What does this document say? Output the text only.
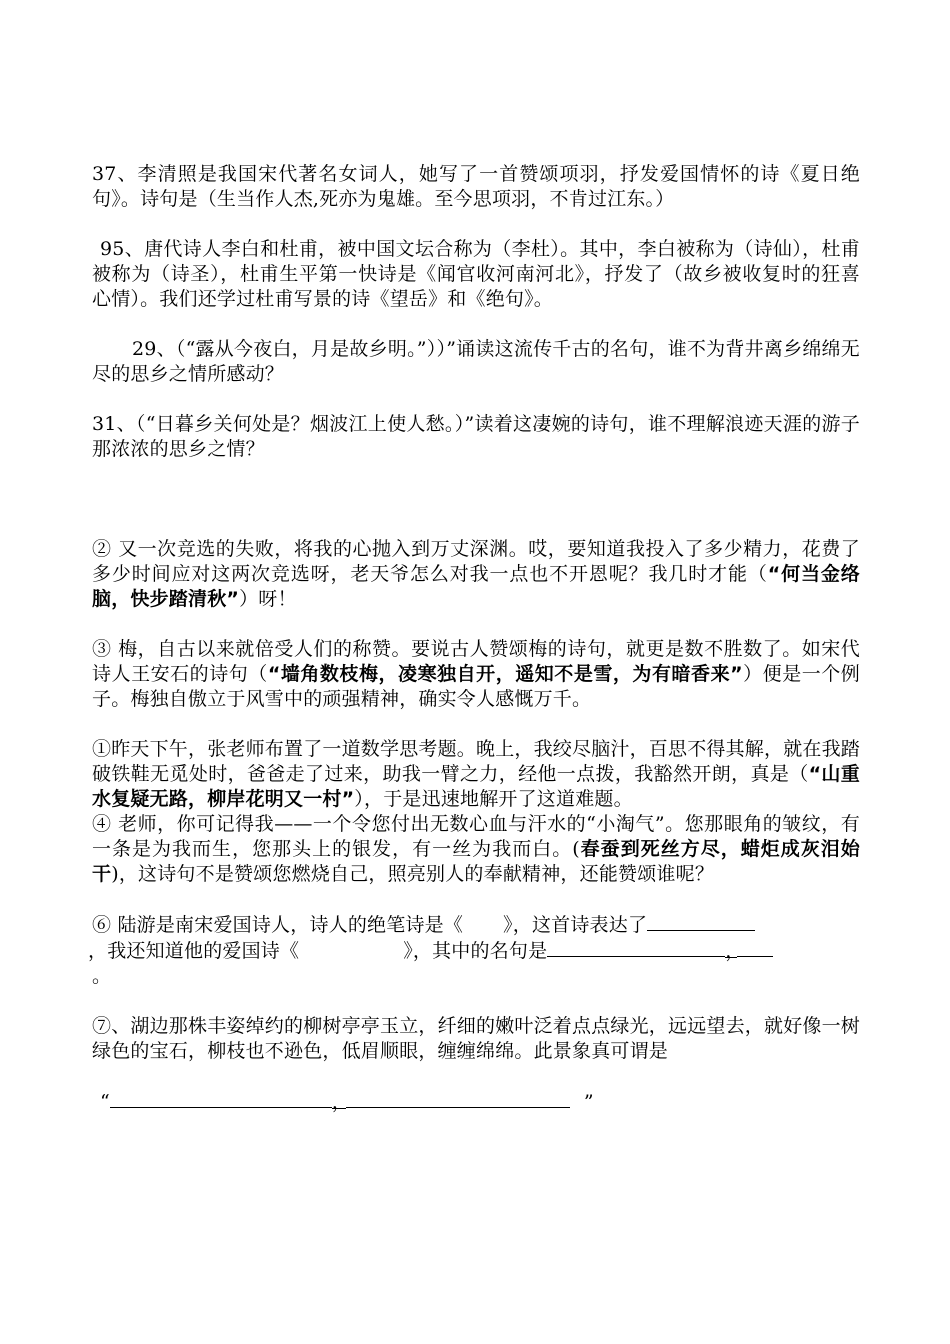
37、李清照是我国宋代著名女词人，她写了一首赞颂项羽，抒发爱国情怀的诗《夏日绝句》。诗句是（生当作人杰,死亦为鬼雄。至今思项羽，不肯过江东。）

95、唐代诗人李白和杜甫，被中国文坛合称为（李杜）。其中，李白被称为（诗仙），杜甫被称为（诗圣），杜甫生平第一快诗是《闻官收河南河北》，抒发了（故乡被收复时的狂喜心情）。我们还学过杜甫写景的诗《望岳》和《绝句》。

29、（“露从今夜白，月是故乡明。”））”诵读这流传千古的名句，谁不为背井离乡绵绵无尽的思乡之情所感动？

31、（“日暮乡关何处是？烟波江上使人愁。）”读着这凄婉的诗句，谁不理解浪迹天涯的游子那浓浓的思乡之情？

② 又一次竞选的失败，将我的心抛入到万丈深渊。哎，要知道我投入了多少精力，花费了多少时间应对这两次竞选呀，老天爷怎么对我一点也不开恩呢？我几时才能（“何当金络脑，快步踏清秋”）呀！

③ 梅，自古以来就倍受人们的称赞。要说古人赞颂梅的诗句，就更是数不胜数了。如宋代诗人王安石的诗句（“墙角数枝梅，凌寒独自开，遥知不是雪，为有暗香来”）便是一个例子。梅独自傲立于风雪中的顽强精神，确实令人感慨万千。

①昨天下午，张老师布置了一道数学思考题。晚上，我绞尽脑汁，百思不得其解，就在我踏破铁鞋无觅处时，爸爸走了过来，助我一臂之力，经他一点拨，我豁然开朗，真是（“山重水复疑无路，柳岸花明又一村”），于是迅速地解开了这道难题。

④ 老师，你可记得我——一个令您付出无数心血与汗水的“小淘气”。您那眼角的皱纹，有一条是为我而生，您那头上的银发，有一丝为我而白。(春蚕到死丝方尽，蜡炬成灰泪始干)，这诗句不是赞颂您燃烧自己，照亮别人的奉献精神，还能赞颂谁呢？

⑥ 陆游是南宋爱国诗人，诗人的绝笔诗是《 》，这首诗表达了
，我还知道他的爱国诗《	》，其中的名句是	，
。

⑦、湖边那株丰姿绰约的柳树亭亭玉立，纤细的嫩叶泛着点点绿光，远远望去，就好像一树绿色的宝石，柳枝也不逊色，低眉顺眼，缠缠绵绵。此景象真可谓是

“	，	”
